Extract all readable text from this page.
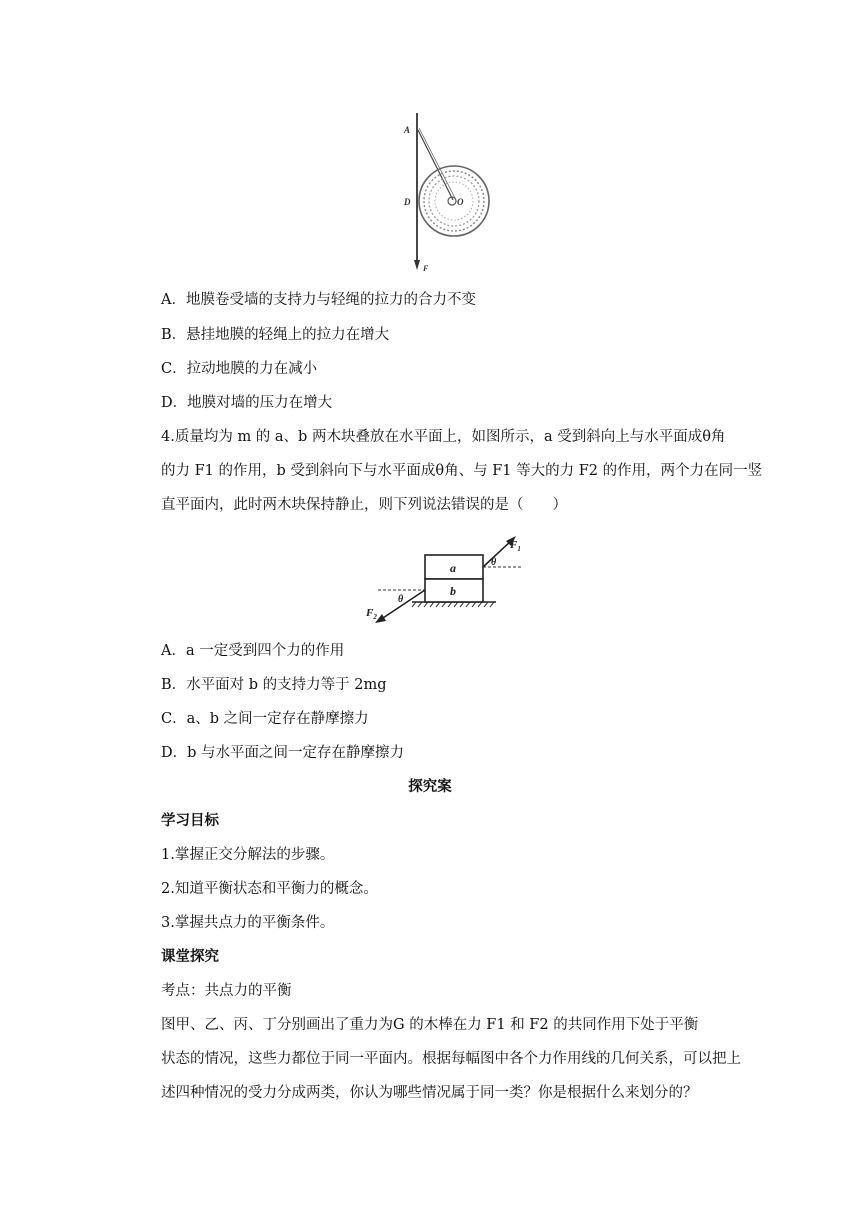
A
D	O
F
A．地膜卷受墙的支持力与轻绳的拉力的合力不变
B．悬挂地膜的轻绳上的拉力在增大
C．拉动地膜的力在减小
D．地膜对墙的压力在增大
4.质量均为 m 的 a、b 两木块叠放在水平面上，如图所示，a 受到斜向上与水平面成θ角
的力 F1 的作用，b 受到斜向下与水平面成θ角、与 F1 等大的力 F2 的作用，两个力在同一竖
直平面内，此时两木块保持静止，则下列说法错误的是（　　）
a
b
θ
$F_1$
θ
$F_2$
A．a 一定受到四个力的作用
B．水平面对 b 的支持力等于 2mg
C．a、b 之间一定存在静摩擦力
D．b 与水平面之间一定存在静摩擦力
探究案
学习目标
1.掌握正交分解法的步骤。
2.知道平衡状态和平衡力的概念。
3.掌握共点力的平衡条件。
课堂探究
考点：共点力的平衡
图甲、乙、丙、丁分别画出了重力为G 的木棒在力 F1 和 F2 的共同作用下处于平衡
状态的情况，这些力都位于同一平面内。根据每幅图中各个力作用线的几何关系，可以把上
述四种情况的受力分成两类，你认为哪些情况属于同一类？你是根据什么来划分的？
